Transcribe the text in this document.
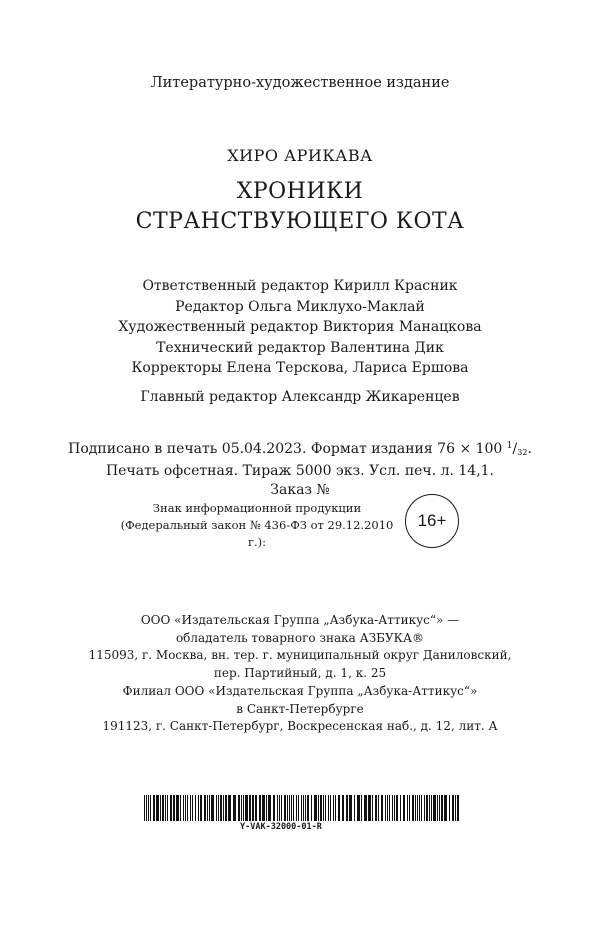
Литературно-художественное издание
ХИРО АРИКАВА
ХРОНИКИ
СТРАНСТВУЮЩЕГО КОТА
Ответственный редактор Кирилл Красник
Редактор Ольга Миклухо-Маклай
Художественный редактор Виктория Манацкова
Технический редактор Валентина Дик
Корректоры Елена Терскова, Лариса Ершова
Главный редактор Александр Жикаренцев
Подписано в печать 05.04.2023. Формат издания 76 × 100 $^1/_{32}$.
Печать офсетная. Тираж 5000 экз. Усл. печ. л. 14,1.
Заказ №
Знак информационной продукции
(Федеральный закон № 436-ФЗ от 29.12.2010 г.):
16+
ООО «Издательская Группа „Азбука-Аттикус“» —
обладатель товарного знака АЗБУКА®
115093, г. Москва, вн. тер. г. муниципальный округ Даниловский,
пер. Партийный, д. 1, к. 25
Филиал ООО «Издательская Группа „Азбука-Аттикус“»
в Санкт-Петербурге
191123, г. Санкт-Петербург, Воскресенская наб., д. 12, лит. А
Y-VAK-32000-01-R
